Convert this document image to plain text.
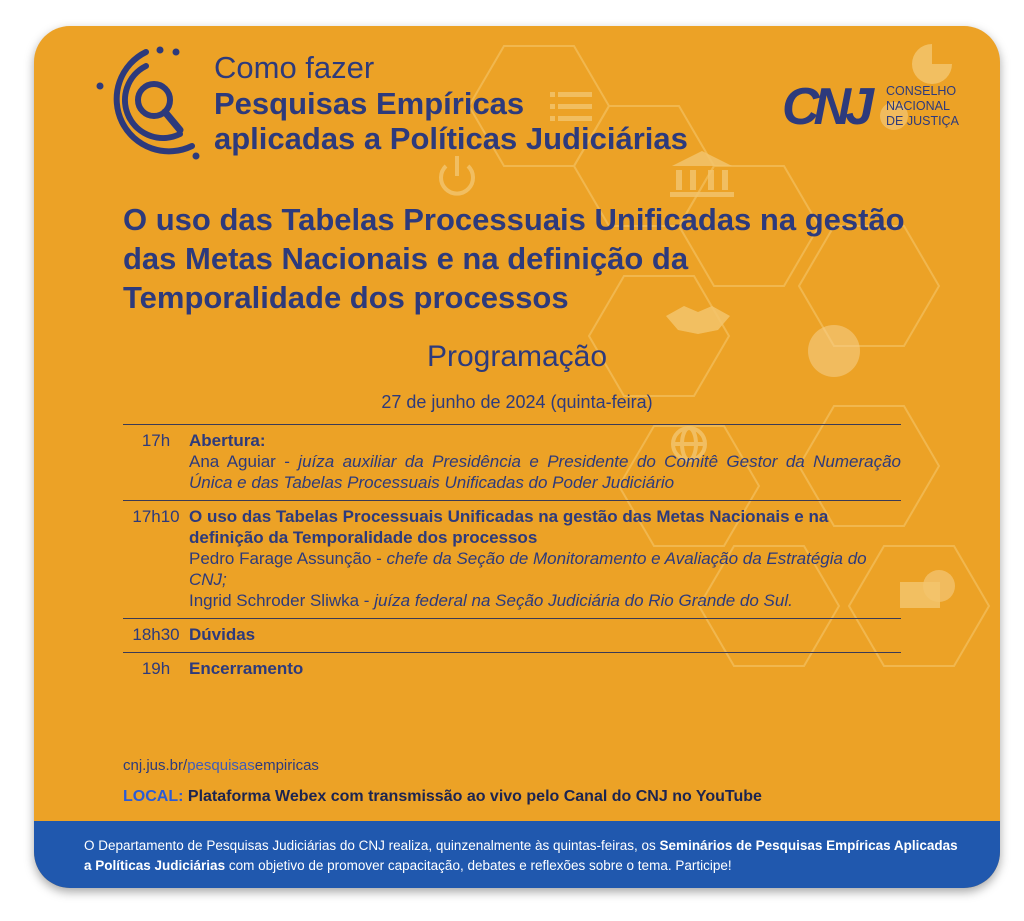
Como fazer
Pesquisas Empíricas
aplicadas a Políticas Judiciárias
CNJ CONSELHO
NACIONAL
DE JUSTIÇA
O uso das Tabelas Processuais Unificadas na gestão das Metas Nacionais e na definição da Temporalidade dos processos
Programação
27 de junho de 2024 (quinta-feira)
17h	Abertura:
Ana Aguiar - juíza auxiliar da Presidência e Presidente do Comitê Gestor da Numeração Única e das Tabelas Processuais Unificadas do Poder Judiciário
17h10 O uso das Tabelas Processuais Unificadas na gestão das Metas Nacionais e na definição da Temporalidade dos processos
Pedro Farage Assunção - chefe da Seção de Monitoramento e Avaliação da Estratégia do CNJ;
Ingrid Schroder Sliwka - juíza federal na Seção Judiciária do Rio Grande do Sul.
18h30 Dúvidas
19h	Encerramento
cnj.jus.br/pesquisasempiricas
LOCAL: Plataforma Webex com transmissão ao vivo pelo Canal do CNJ no YouTube

O Departamento de Pesquisas Judiciárias do CNJ realiza, quinzenalmente às quintas-feiras, os Seminários de Pesquisas Empíricas Aplicadas a Políticas Judiciárias com objetivo de promover capacitação, debates e reflexões sobre o tema. Participe!
